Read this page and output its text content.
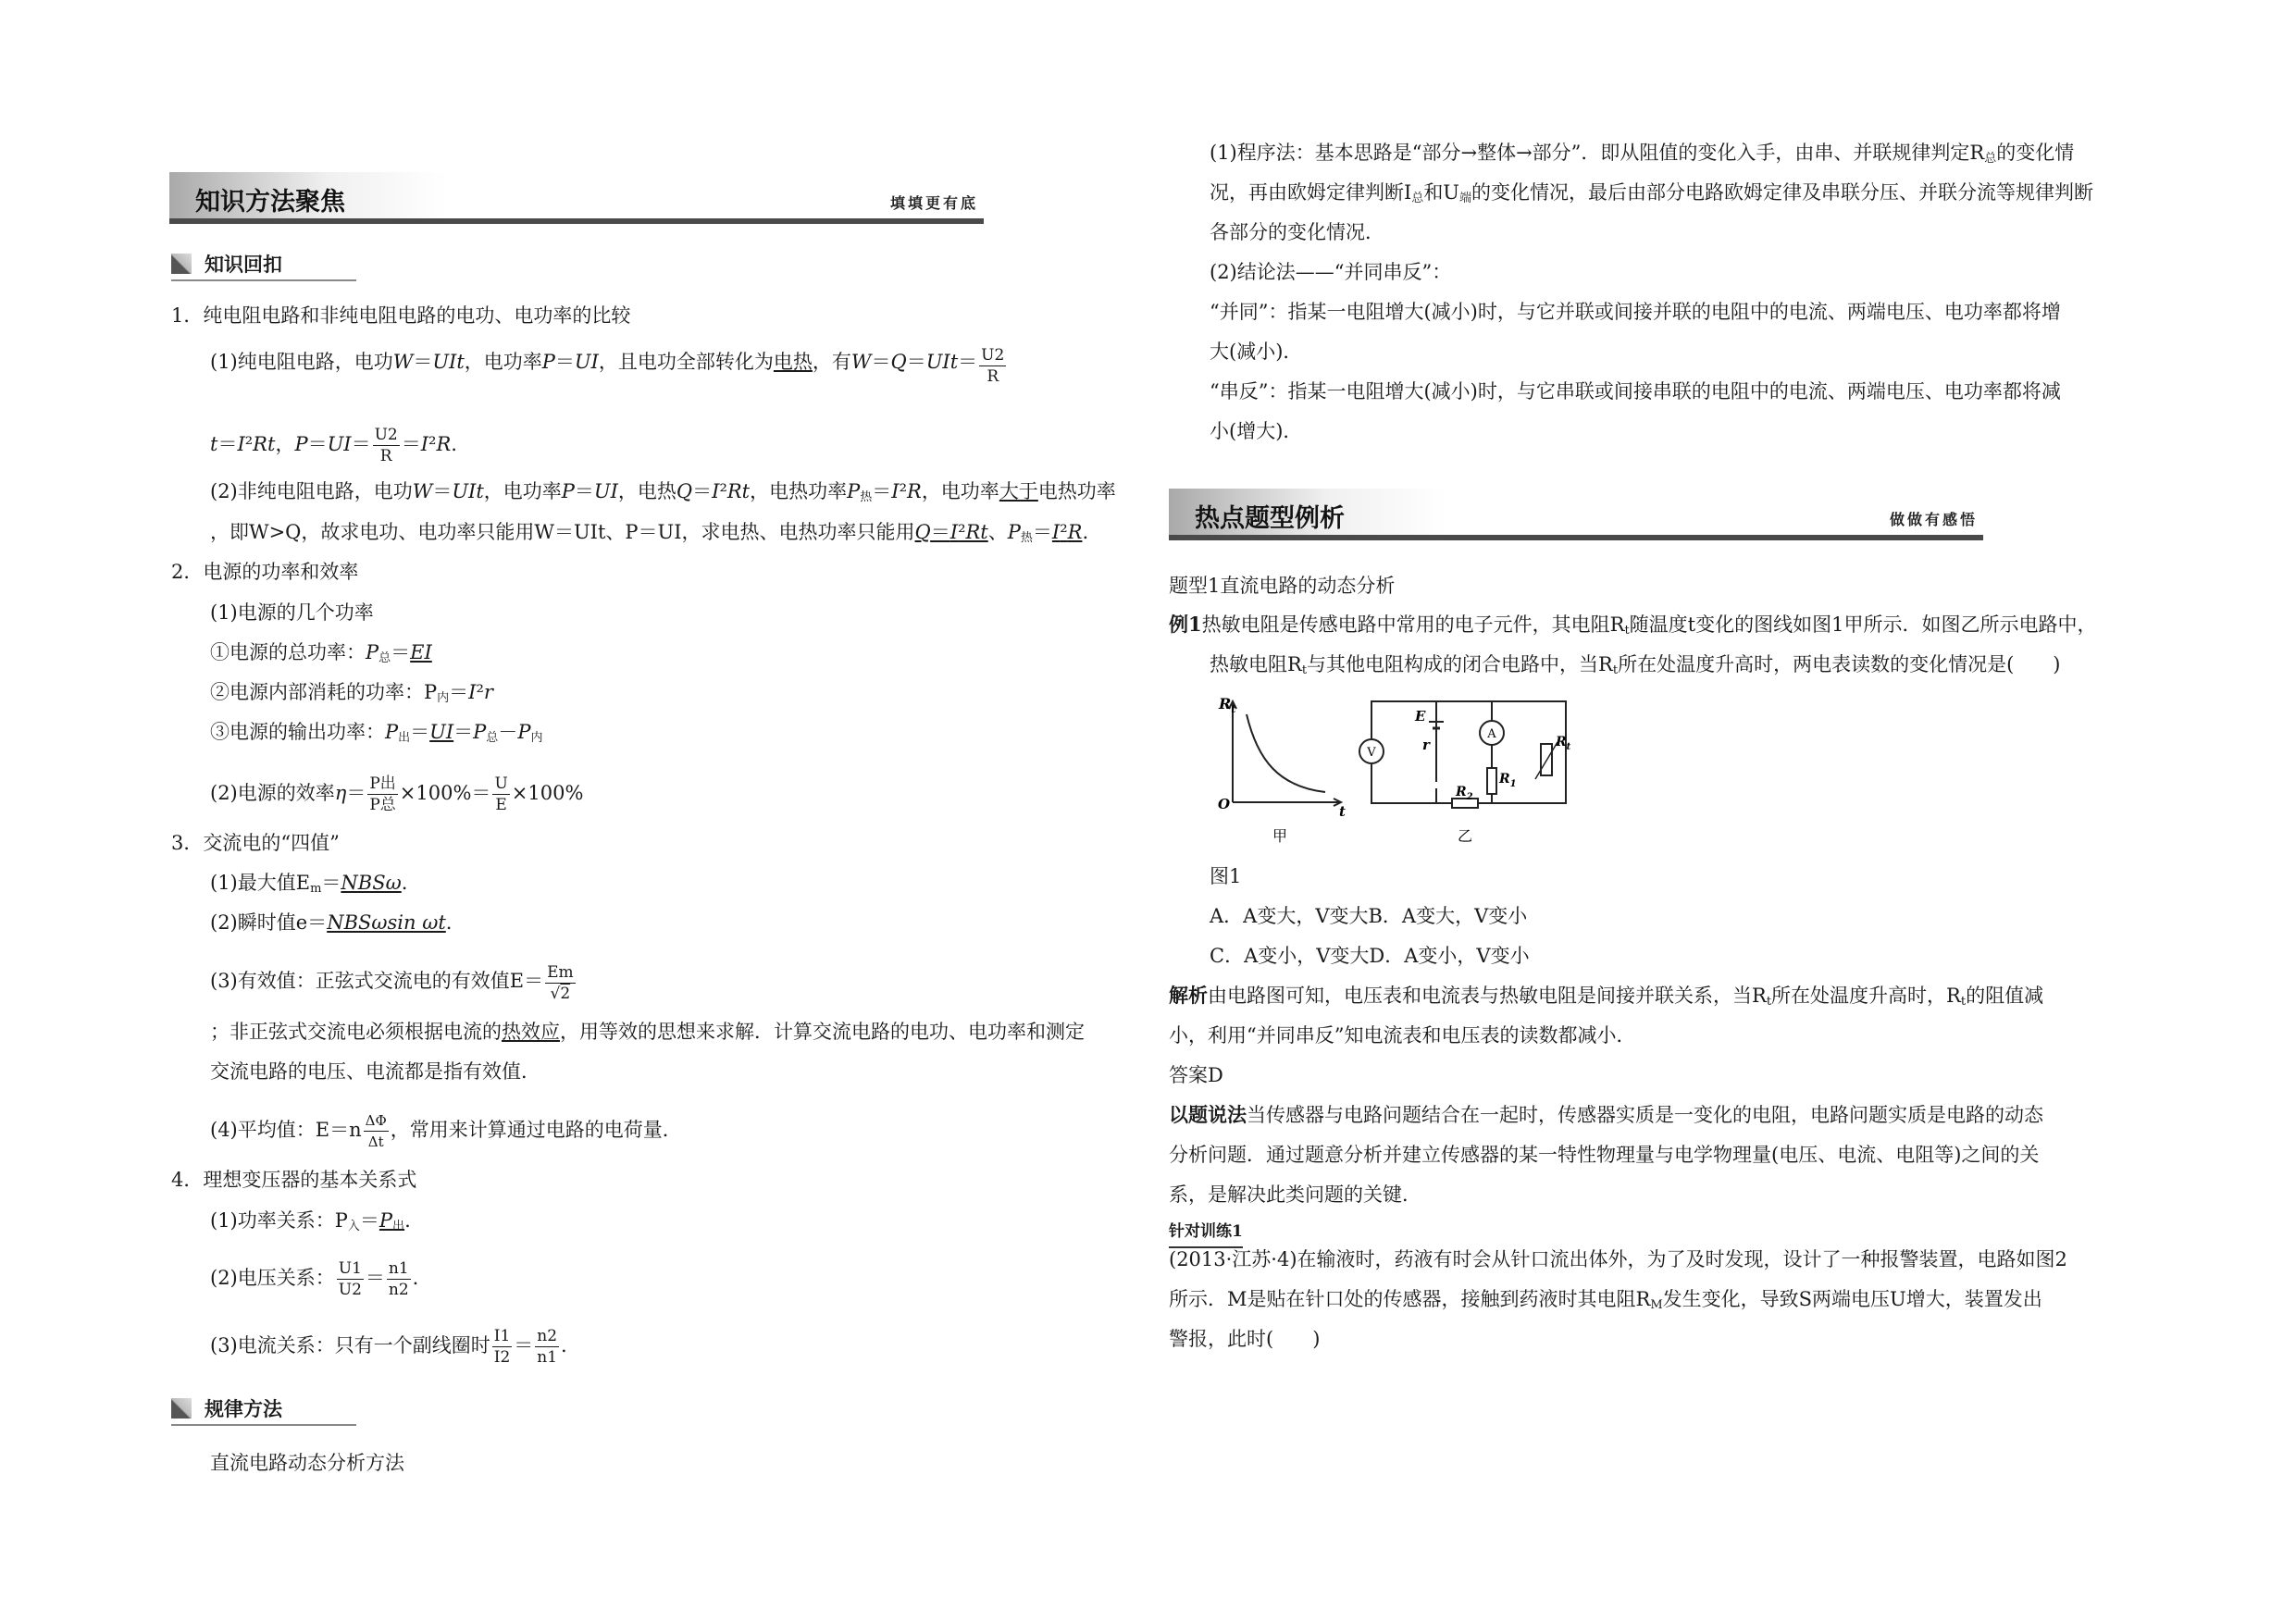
知识方法聚焦	填填更有底
知识回扣
1．纯电阻电路和非纯电阻电路的电功、电功率的比较
(1)纯电阻电路，电功W＝UIt，电功率P＝UI，且电功全部转化为电热，有$W=Q=UIt= \frac{U2}{R}$
t＝I²Rt，$P=UI= \frac{U2}{R} =I^2R$.
(2)非纯电阻电路，电功W＝UIt，电功率P＝UI，电热Q＝I²Rt，电热功率$P_热=I^2R$，电功率大于电热功率
，即W>Q，故求电功、电功率只能用W＝UIt、P＝UI，求电热、电热功率只能用Q＝I²Rt、$P_热=I^2R$.
2．电源的功率和效率
(1)电源的几个功率
①电源的总功率：$P_总=EI$
②电源内部消耗的功率：$P_内=I^2r$
③电源的输出功率：$P_出=UI=P_总-P_内$
(2)电源的效率$\eta= \frac{\text{P出}}{\text{P总}} \times 100\%= \frac{U}{E} \times 100\%$
3．交流电的“四值”
(1)最大值$E_m=NBS\omega$.
(2)瞬时值e＝NBSωsin ωt.
(3)有效值：正弦式交流电的有效值$E= \frac{Em}{√2}$
；非正弦式交流电必须根据电流的热效应，用等效的思想来求解．计算交流电路的电功、电功率和测定
交流电路的电压、电流都是指有效值．
(4)平均值：$E=n \frac{\Delta\Phi}{\Delta t}$ ，常用来计算通过电路的电荷量．
4．理想变压器的基本关系式
(1)功率关系：$P_入=P_出$.
(2)电压关系： $\frac{U1}{U2} = \frac{n1}{n2}$ .
(3)电流关系：只有一个副线圈时 $\frac{I1}{I2} = \frac{n2}{n1}$ .
规律方法
直流电路动态分析方法
(1)程序法：基本思路是“部分→整体→部分”．即从阻值的变化入手，由串、并联规律判定$R_总$的变化情
况，再由欧姆定律判断$I_总$和$U_端$的变化情况，最后由部分电路欧姆定律及串联分压、并联分流等规律判断
各部分的变化情况．
(2)结论法——“并同串反”：
“并同”：指某一电阻增大(减小)时，与它并联或间接并联的电阻中的电流、两端电压、电功率都将增
大(减小)．
“串反”：指某一电阻增大(减小)时，与它串联或间接串联的电阻中的电流、两端电压、电功率都将减
小(增大)．
热点题型例析	做做有感悟
题型1直流电路的动态分析
例1热敏电阻是传感电路中常用的电子元件，其电阻$R_t$随温度t变化的图线如图1甲所示．如图乙所示电路中，
热敏电阻$R_t$与其他电阻构成的闭合电路中，当$R_t$所在处温度升高时，两电表读数的变化情况是(　　)
$R_t$
O	t
甲
V
A
E
r
$R_1$
$R_2$
$R_t$
乙
图1
A．A变大，V变大B．A变大，V变小
C．A变小，V变大D．A变小，V变小
解析由电路图可知，电压表和电流表与热敏电阻是间接并联关系，当$R_t$所在处温度升高时，$R_t$的阻值减
小，利用“并同串反”知电流表和电压表的读数都减小．
答案D
以题说法当传感器与电路问题结合在一起时，传感器实质是一变化的电阻，电路问题实质是电路的动态
分析问题．通过题意分析并建立传感器的某一特性物理量与电学物理量(电压、电流、电阻等)之间的关
系，是解决此类问题的关键．
针对训练1
(2013·江苏·4)在输液时，药液有时会从针口流出体外，为了及时发现，设计了一种报警装置，电路如图2
所示．M是贴在针口处的传感器，接触到药液时其电阻$R_M$发生变化，导致S两端电压U增大，装置发出
警报，此时(　　)
